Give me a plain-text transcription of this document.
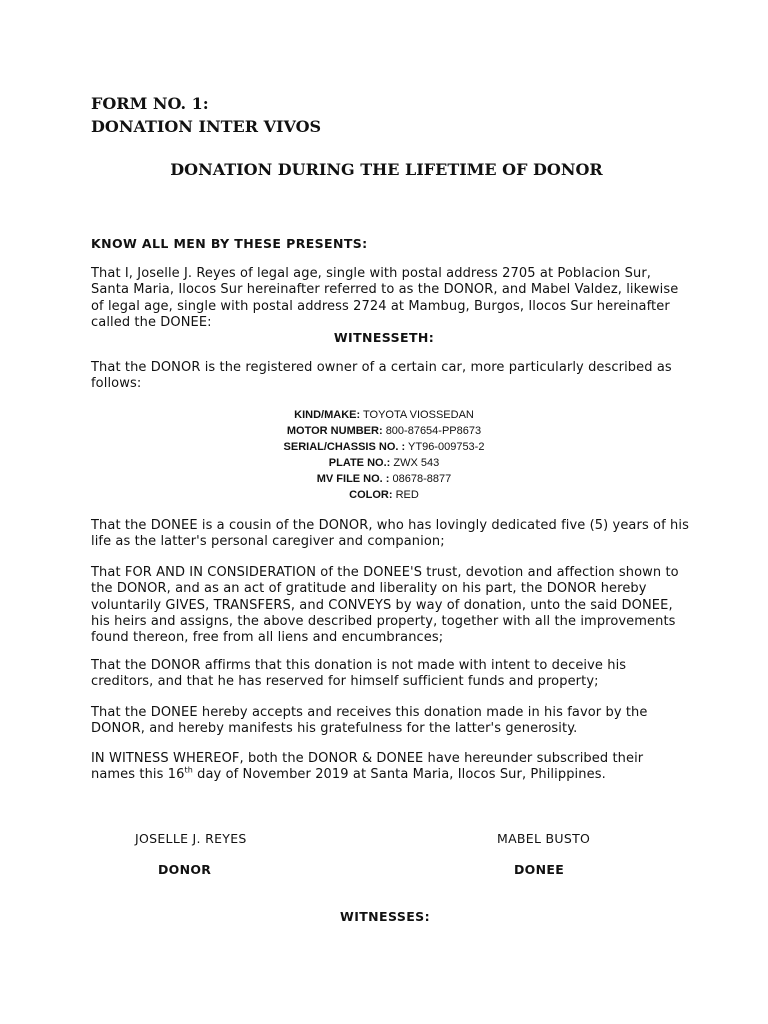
FORM NO. 1:
DONATION INTER VIVOS
DONATION DURING THE LIFETIME OF DONOR
KNOW ALL MEN BY THESE PRESENTS:
That I, Joselle J. Reyes of legal age, single with postal address 2705 at Poblacion Sur, Santa Maria, Ilocos Sur hereinafter referred to as the DONOR, and Mabel Valdez, likewise of legal age, single with postal address 2724 at Mambug, Burgos, Ilocos Sur hereinafter called the DONEE:
WITNESSETH:
That the DONOR is the registered owner of a certain car, more particularly described as follows:
KIND/MAKE: TOYOTA VIOSSEDAN
MOTOR NUMBER: 800-87654-PP8673
SERIAL/CHASSIS NO. : YT96-009753-2
PLATE NO.: ZWX 543
MV FILE NO. : 08678-8877
COLOR: RED
That the DONEE is a cousin of the DONOR, who has lovingly dedicated five (5) years of his life as the latter's personal caregiver and companion;
That FOR AND IN CONSIDERATION of the DONEE'S trust, devotion and affection shown to the DONOR, and as an act of gratitude and liberality on his part, the DONOR hereby voluntarily GIVES, TRANSFERS, and CONVEYS by way of donation, unto the said DONEE, his heirs and assigns, the above described property, together with all the improvements found thereon, free from all liens and encumbrances;
That the DONOR affirms that this donation is not made with intent to deceive his creditors, and that he has reserved for himself sufficient funds and property;
That the DONEE hereby accepts and receives this donation made in his favor by the DONOR, and hereby manifests his gratefulness for the latter's generosity.
IN WITNESS WHEREOF, both the DONOR & DONEE have hereunder subscribed their names this 16th day of November 2019 at Santa Maria, Ilocos Sur, Philippines.
JOSELLE J. REYES	MABEL BUSTO
DONOR	DONEE
WITNESSES:
